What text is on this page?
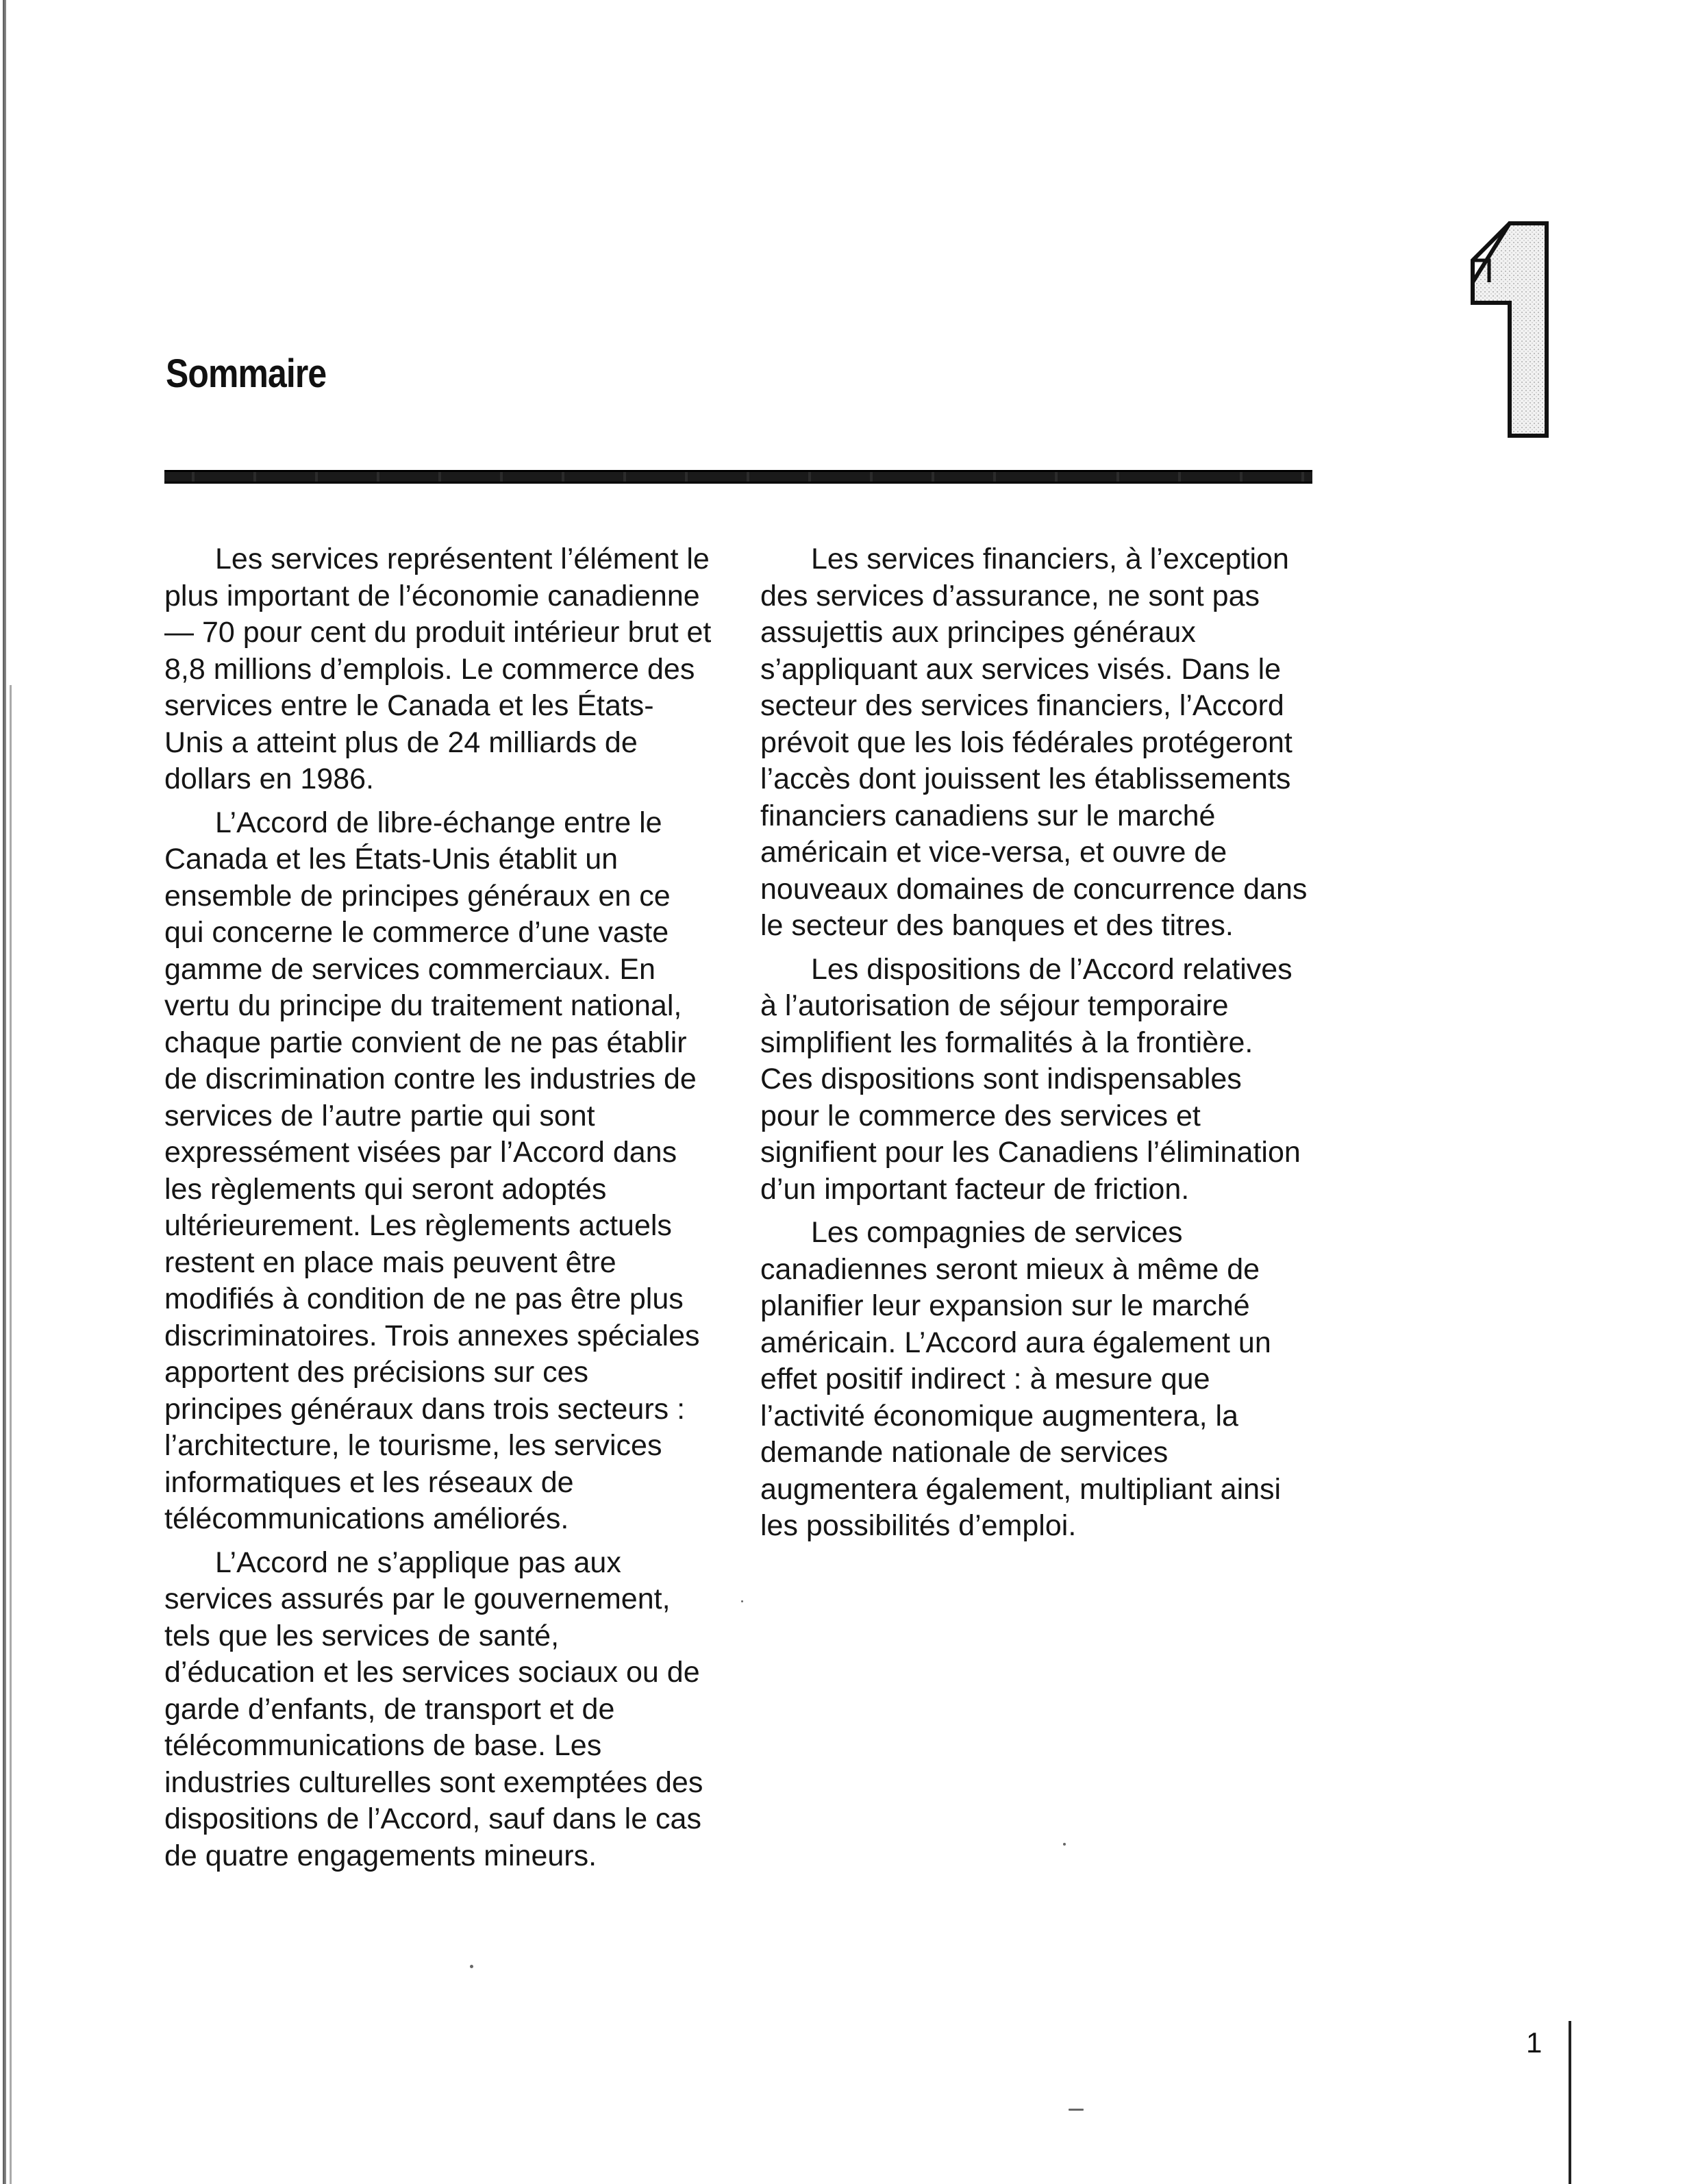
Sommaire

Les services représentent l’élément le plus important de l’économie canadienne — 70 pour cent du produit intérieur brut et 8,8 millions d’emplois. Le commerce des services entre le Canada et les États-Unis a atteint plus de 24 milliards de dollars en 1986.

L’Accord de libre-échange entre le Canada et les États-Unis établit un ensemble de principes généraux en ce qui concerne le commerce d’une vaste gamme de services commerciaux. En vertu du principe du traitement national, chaque partie convient de ne pas établir de discrimination contre les industries de services de l’autre partie qui sont expressément visées par l’Accord dans les règlements qui seront adoptés ultérieurement. Les règlements actuels restent en place mais peuvent être modifiés à condition de ne pas être plus discriminatoires. Trois annexes spéciales apportent des précisions sur ces principes généraux dans trois secteurs : l’architecture, le tourisme, les services informatiques et les réseaux de télécommunications améliorés.

L’Accord ne s’applique pas aux services assurés par le gouvernement, tels que les services de santé, d’éducation et les services sociaux ou de garde d’enfants, de transport et de télécommunications de base. Les industries culturelles sont exemptées des dispositions de l’Accord, sauf dans le cas de quatre engagements mineurs.

Les services financiers, à l’exception des services d’assurance, ne sont pas assujettis aux principes généraux s’appliquant aux services visés. Dans le secteur des services financiers, l’Accord prévoit que les lois fédérales protégeront l’accès dont jouissent les établissements financiers canadiens sur le marché américain et vice-versa, et ouvre de nouveaux domaines de concurrence dans le secteur des banques et des titres.

Les dispositions de l’Accord relatives à l’autorisation de séjour temporaire simplifient les formalités à la frontière. Ces dispositions sont indispensables pour le commerce des services et signifient pour les Canadiens l’élimination d’un important facteur de friction.

Les compagnies de services canadiennes seront mieux à même de planifier leur expansion sur le marché américain. L’Accord aura également un effet positif indirect : à mesure que l’activité économique augmentera, la demande nationale de services augmentera également, multipliant ainsi les possibilités d’emploi.

1
